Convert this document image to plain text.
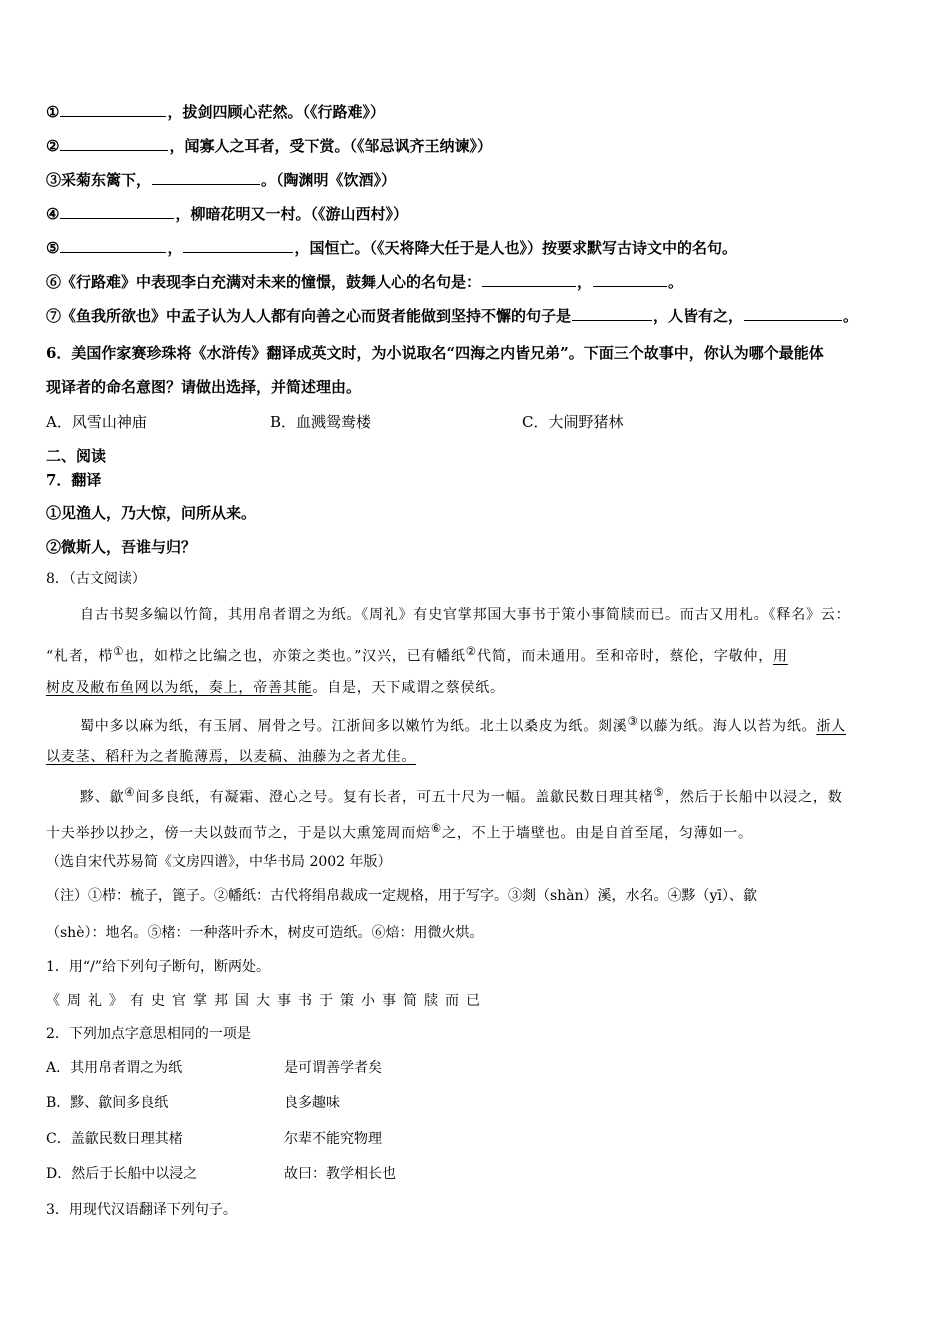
①	，拔剑四顾心茫然。（《行路难》）
②	，闻寡人之耳者，受下赏。（《邹忌讽齐王纳谏》）
③采菊东篱下，	。（陶渊明《饮酒》）
④	，柳暗花明又一村。（《游山西村》）
⑤	，	，国恒亡。（《天将降大任于是人也》）按要求默写古诗文中的名句。
⑥《行路难》中表现李白充满对未来的憧憬，鼓舞人心的名句是：	，	。
⑦《鱼我所欲也》中孟子认为人人都有向善之心而贤者能做到坚持不懈的句子是	，人皆有之，	。
6．美国作家赛珍珠将《水浒传》翻译成英文时，为小说取名“四海之内皆兄弟”。下面三个故事中，你认为哪个最能体
现译者的命名意图？请做出选择，并简述理由。
A．风雪山神庙	B．血溅鸳鸯楼	C．大闹野猪林
二、阅读
7．翻译
①见渔人，乃大惊，问所从来。
②微斯人，吾谁与归？
8．（古文阅读）
自古书契多编以竹简，其用帛者谓之为纸。《周礼》有史官掌邦国大事书于策小事简牍而已。而古又用札。《释名》云：
“札者，栉①也，如栉之比编之也，亦策之类也。”汉兴，已有幡纸②代简，而未通用。至和帝时，蔡伦，字敬仲，用
树皮及敝布鱼网以为纸，奏上，帝善其能。自是，天下咸谓之蔡侯纸。
蜀中多以麻为纸，有玉屑、屑骨之号。江浙间多以嫩竹为纸。北土以桑皮为纸。剡溪③以藤为纸。海人以苔为纸。浙人
以麦茎、稻秆为之者脆薄焉，以麦稿、油藤为之者尤佳。
黟、歙④间多良纸，有凝霜、澄心之号。复有长者，可五十尺为一幅。盖歙民数日理其楮⑤，然后于长船中以浸之，数
十夫举抄以抄之，傍一夫以鼓而节之，于是以大熏笼周而焙⑥之，不上于墙壁也。由是自首至尾，匀薄如一。
（选自宋代苏易简《文房四谱》，中华书局 2002 年版）
（注）①栉：梳子，篦子。②幡纸：古代将绢帛裁成一定规格，用于写字。③剡（shàn）溪，水名。④黟（yī）、歙
（shè）：地名。⑤楮：一种落叶乔木，树皮可造纸。⑥焙：用微火烘。
1．用“/”给下列句子断句，断两处。
《周礼》有史官掌邦国大事书于策小事简牍而已
2．下列加点字意思相同的一项是
A．其用帛者谓之为纸	是可谓善学者矣
B．黟、歙间多良纸	良多趣味
C．盖歙民数日理其楮	尔辈不能究物理
D．然后于长船中以浸之	故曰：教学相长也
3．用现代汉语翻译下列句子。
